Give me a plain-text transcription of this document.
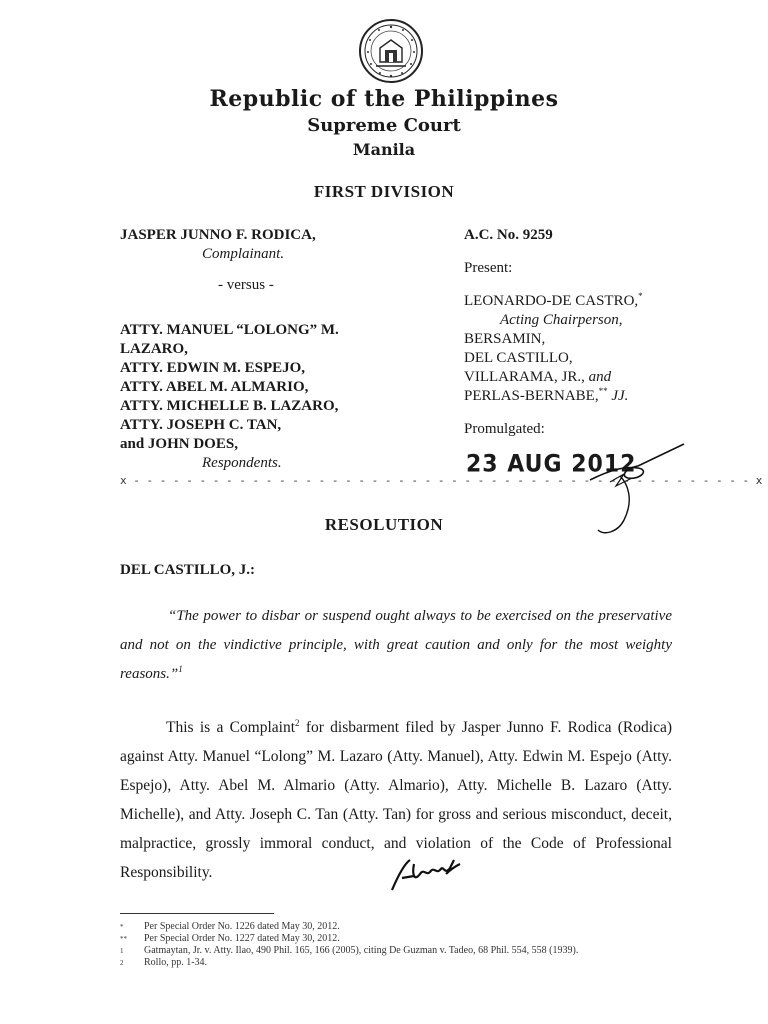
Republic of the Philippines
Supreme Court
Manila
FIRST DIVISION
JASPER JUNNO F. RODICA,
Complainant.
- versus -
ATTY. MANUEL “LOLONG” M.
LAZARO,
ATTY. EDWIN M. ESPEJO,
ATTY. ABEL M. ALMARIO,
ATTY. MICHELLE B. LAZARO,
ATTY. JOSEPH C. TAN,
and JOHN DOES,
Respondents.
A.C. No. 9259
Present:
LEONARDO-DE CASTRO,*
Acting Chairperson,
BERSAMIN,
DEL CASTILLO,
VILLARAMA, JR., and
PERLAS-BERNABE,** JJ.
Promulgated:
23 AUG 2012
x - - - - - - - - - - - - - - - - - - - - - - - - - - - - - - - - - - - - - - - - - - - - - - - x
RESOLUTION
DEL CASTILLO, J.:
“The power to disbar or suspend ought always to be exercised on the preservative and not on the vindictive principle, with great caution and only for the most weighty reasons.”$^1$

This is a Complaint$^2$ for disbarment filed by Jasper Junno F. Rodica (Rodica) against Atty. Manuel “Lolong” M. Lazaro (Atty. Manuel), Atty. Edwin M. Espejo (Atty. Espejo), Atty. Abel M. Almario (Atty. Almario), Atty. Michelle B. Lazaro (Atty. Michelle), and Atty. Joseph C. Tan (Atty. Tan) for gross and serious misconduct, deceit, malpractice, grossly immoral conduct, and violation of the Code of Professional Responsibility.

* Per Special Order No. 1226 dated May 30, 2012.
** Per Special Order No. 1227 dated May 30, 2012.
1 Gatmaytan, Jr. v. Atty. Ilao, 490 Phil. 165, 166 (2005), citing De Guzman v. Tadeo, 68 Phil. 554, 558 (1939).
2 Rollo, pp. 1-34.
